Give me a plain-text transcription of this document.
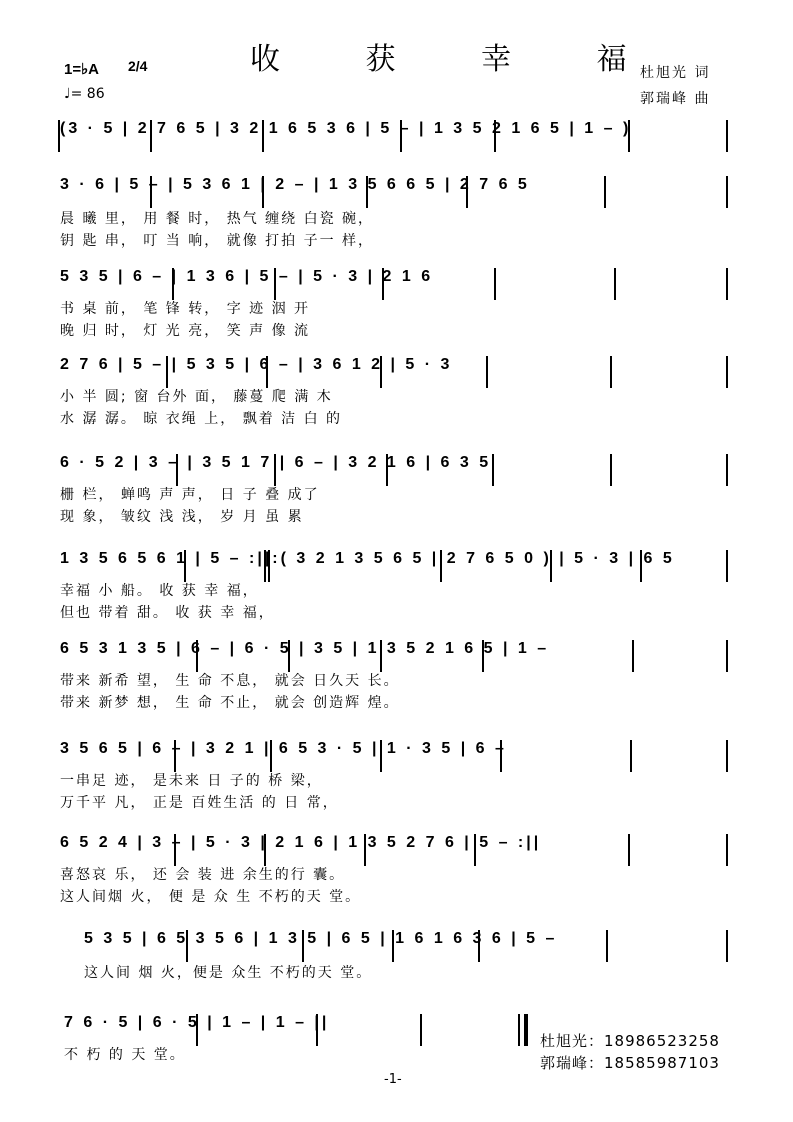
收 获 幸 福
1=♭A 2/4
♩= 86
杜旭光 词
郭瑞峰 曲
(3 · 5 | 2 7 6 5 | 3 2 1 6 5 3 6 | 5 – | 1 3 5 2 1 6 5 | 1 – )
3 · 6 | 5 – | 5 3 6 1 | 2 – | 1 3 5 6 6 5 | 2 7 6 5
晨 曦 里， 用 餐 时， 热气 缠绕 白瓷 碗，
钥 匙 串， 叮 当 响， 就像 打拍 子一 样，
5 3 5 | 6 – | 1 3 6 | 5 – | 5 · 3 | 2 1 6
书 桌 前， 笔 锋 转， 字 迹 洇 开
晚 归 时， 灯 光 亮， 笑 声 像 流
2 7 6 | 5 – | 5 3 5 | 6 – | 3 6 1 2 | 5 · 3
小 半 圆; 窗 台外 面， 藤蔓 爬 满 木
水 潺 潺。 晾 衣绳 上， 飘着 洁 白 的
6 · 5 2 | 3 – | 3 5 1 7 | 6 – | 3 2 1 6 | 6 3 5
栅 栏， 蝉鸣 声 声， 日 子 叠 成了
现 象， 皱纹 浅 浅， 岁 月 虽 累
1 3 5 6 5 6 1 | 5 – :||:( 3 2 1 3 5 6 5 | 2 7 6 5 0 ) | 5 · 3 | 6 5
幸福 小 船。 收 获 幸 福，
但也 带着 甜。 收 获 幸 福，
6 5 3 1 3 5 | 6 – | 6 · 5 | 3 5 | 1 3 5 2 1 6 5 | 1 –
带来 新希 望， 生 命 不息， 就会 日久天 长。
带来 新梦 想， 生 命 不止， 就会 创造辉 煌。
3 5 6 5 | 6 – | 3 2 1 | 6 5 3 · 5 | 1 · 3 5 | 6 –
一串足 迹， 是未来 日 子的 桥 梁，
万千平 凡， 正是 百姓生活 的 日 常，
6 5 2 4 | 3 – | 5 · 3 | 2 1 6 | 1 3 5 2 7 6 | 5 – :||
喜怒哀 乐， 还 会 装 进 余生的行 囊。
这人间烟 火， 便 是 众 生 不朽的天 堂。
5 3 5 | 6 5 3 5 6 | 1 3 5 | 6 5 | 1 6 1 6 3 6 | 5 –
这人间 烟 火，便是 众生 不朽的天 堂。
7 6 · 5 | 6 · 5 | 1 – | 1 – ||
不 朽 的 天 堂。
杜旭光：18986523258
郭瑞峰：18585987103
-1-
